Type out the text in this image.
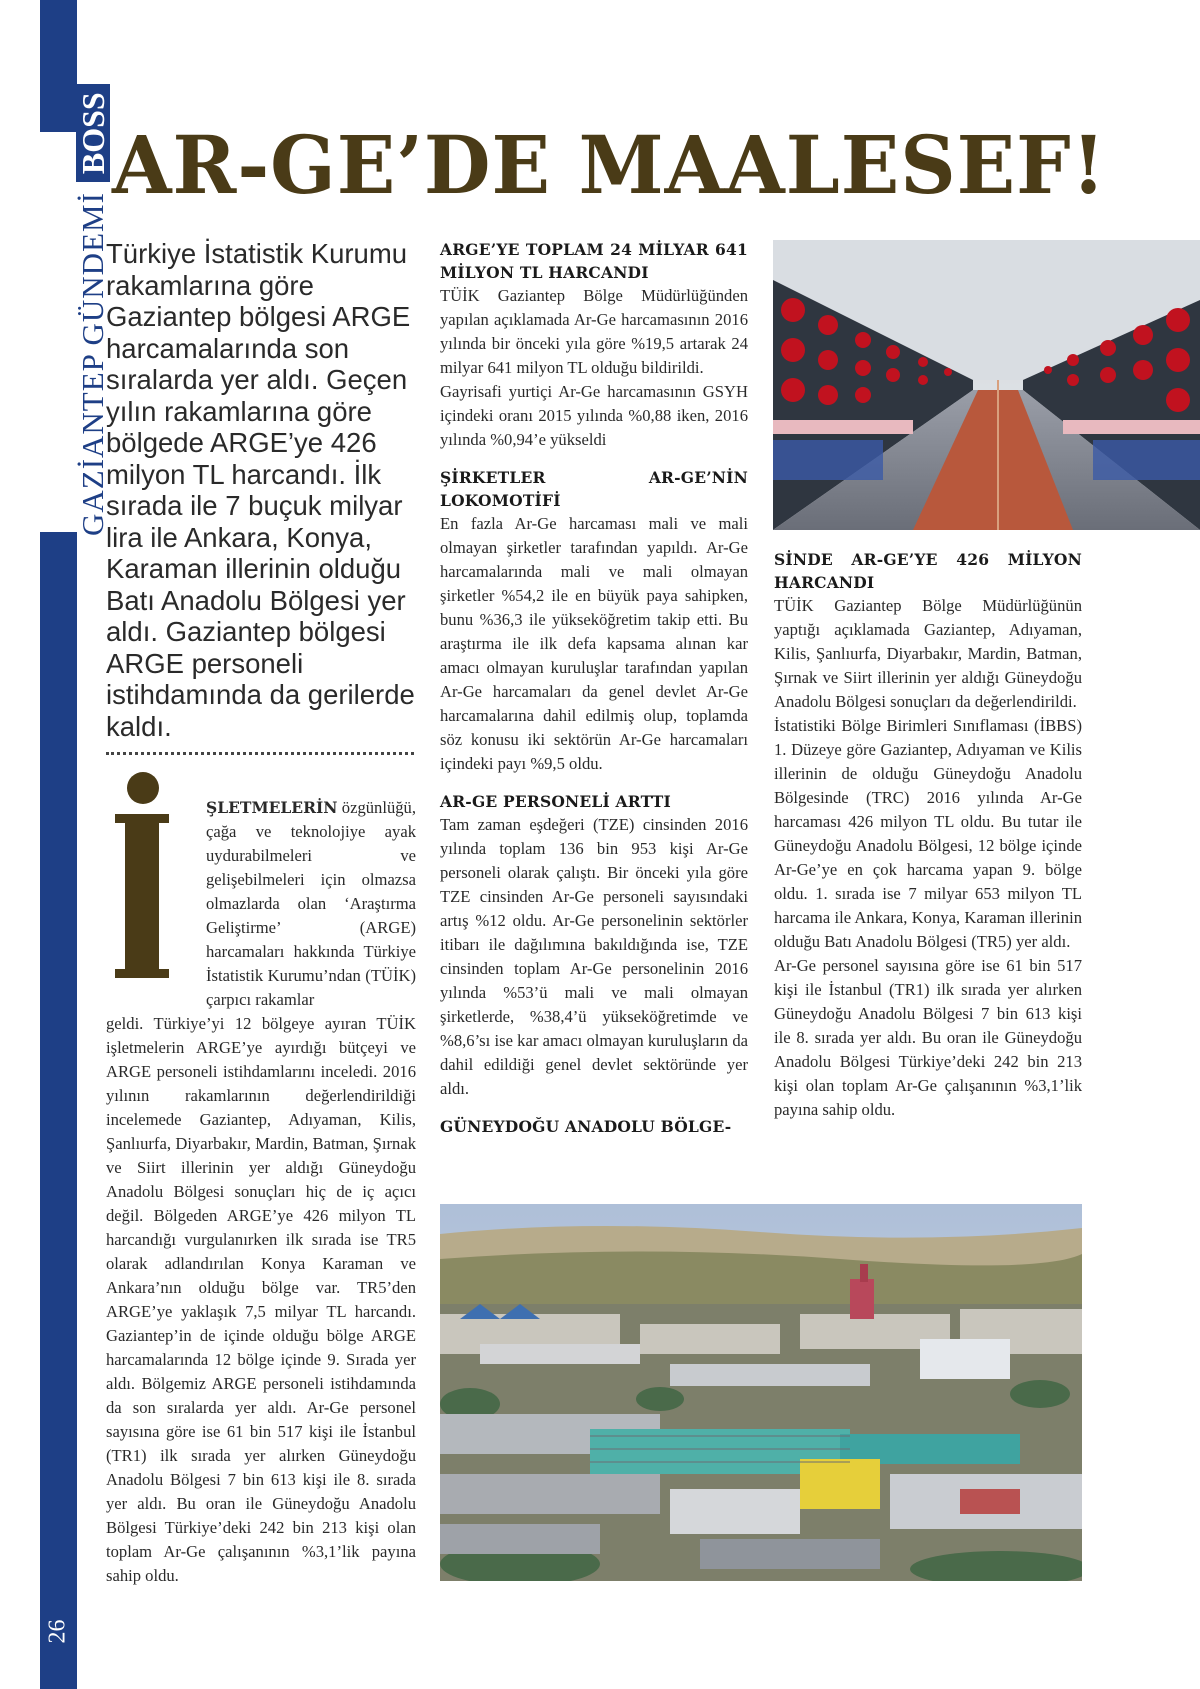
GAZİANTEP GÜNDEMİ
BOSS
26
AR-GE’DE MAALESEF!
Türkiye İstatistik Kurumu rakamlarına göre Gaziantep bölgesi ARGE harcamalarında son sıralarda yer aldı. Geçen yılın rakamlarına göre bölgede ARGE’ye 426 milyon TL harcandı. İlk sırada ile 7 buçuk milyar lira ile Ankara, Konya, Karaman illerinin olduğu Batı Anadolu Bölgesi yer aldı. Gaziantep bölgesi ARGE personeli istihdamında da gerilerde kaldı.

ŞLETMELERİN özgünlüğü, çağa ve teknolojiye ayak uydurabilmeleri ve gelişebilmeleri için olmazsa olmazlarda olan ‘Araştırma Geliştirme’ (ARGE) harcamaları hakkında Türkiye İstatistik Kurumu’ndan (TÜİK) çarpıcı rakamlar

geldi. Türkiye’yi 12 bölgeye ayıran TÜİK işletmelerin ARGE’ye ayırdığı bütçeyi ve ARGE personeli istihdamlarını inceledi. 2016 yılının rakamlarının değerlendirildiği incelemede Gaziantep, Adıyaman, Kilis, Şanlıurfa, Diyarbakır, Mardin, Batman, Şırnak ve Siirt illerinin yer aldığı Güneydoğu Anadolu Bölgesi sonuçları hiç de iç açıcı değil. Bölgeden ARGE’ye 426 milyon TL harcandığı vurgulanırken ilk sırada ise TR5 olarak adlandırılan Konya Karaman ve Ankara’nın olduğu bölge var. TR5’den ARGE’ye yaklaşık 7,5 milyar TL harcandı. Gaziantep’in de içinde olduğu bölge ARGE harcamalarında 12 bölge içinde 9. Sırada yer aldı. Bölgemiz ARGE personeli istihdamında da son sıralarda yer aldı. Ar-Ge personel sayısına göre ise 61 bin 517 kişi ile İstanbul (TR1) ilk sırada yer alırken Güneydoğu Anadolu Bölgesi 7 bin 613 kişi ile 8. sırada yer aldı. Bu oran ile Güneydoğu Anadolu Bölgesi Türkiye’deki 242 bin 213 kişi olan toplam Ar-Ge çalışanının %3,1’lik payına sahip oldu.

ARGE’YE TOPLAM 24 MİLYAR 641 MİLYON TL HARCANDI

TÜİK Gaziantep Bölge Müdürlüğünden yapılan açıklamada Ar-Ge harcamasının 2016 yılında bir önceki yıla göre %19,5 artarak 24 milyar 641 milyon TL olduğu bildirildi.

Gayrisafi yurtiçi Ar-Ge harcamasının GSYH içindeki oranı 2015 yılında %0,88 iken, 2016 yılında %0,94’e yükseldi

ŞİRKETLER AR-GE’NİN LOKOMOTİFİ

En fazla Ar-Ge harcaması mali ve mali olmayan şirketler tarafından yapıldı. Ar-Ge harcamalarında mali ve mali olmayan şirketler %54,2 ile en büyük paya sahipken, bunu %36,3 ile yükseköğretim takip etti. Bu araştırma ile ilk defa kapsama alınan kar amacı olmayan kuruluşlar tarafından yapılan Ar-Ge harcamaları da genel devlet Ar-Ge harcamalarına dahil edilmiş olup, toplamda söz konusu iki sektörün Ar-Ge harcamaları içindeki payı %9,5 oldu.

AR-GE PERSONELİ ARTTI

Tam zaman eşdeğeri (TZE) cinsinden 2016 yılında toplam 136 bin 953 kişi Ar-Ge personeli olarak çalıştı. Bir önceki yıla göre TZE cinsinden Ar-Ge personeli sayısındaki artış %12 oldu. Ar-Ge personelinin sektörler itibarı ile dağılımına bakıldığında ise, TZE cinsinden toplam Ar-Ge personelinin 2016 yılında %53’ü mali ve mali olmayan şirketlerde, %38,4’ü yükseköğretimde ve %8,6’sı ise kar amacı olmayan kuruluşların da dahil edildiği genel devlet sektöründe yer aldı.

GÜNEYDOĞU ANADOLU BÖLGE-

SİNDE AR-GE’YE 426 MİLYON HARCANDI

TÜİK Gaziantep Bölge Müdürlüğünün yaptığı açıklamada Gaziantep, Adıyaman, Kilis, Şanlıurfa, Diyarbakır, Mardin, Batman, Şırnak ve Siirt illerinin yer aldığı Güneydoğu Anadolu Bölgesi sonuçları da değerlendirildi.

İstatistiki Bölge Birimleri Sınıflaması (İBBS) 1. Düzeye göre Gaziantep, Adıyaman ve Kilis illerinin de olduğu Güneydoğu Anadolu Bölgesinde (TRC) 2016 yılında Ar-Ge harcaması 426 milyon TL oldu. Bu tutar ile Güneydoğu Anadolu Bölgesi, 12 bölge içinde Ar-Ge’ye en çok harcama yapan 9. bölge oldu. 1. sırada ise 7 milyar 653 milyon TL harcama ile Ankara, Konya, Karaman illerinin olduğu Batı Anadolu Bölgesi (TR5) yer aldı.

Ar-Ge personel sayısına göre ise 61 bin 517 kişi ile İstanbul (TR1) ilk sırada yer alırken Güneydoğu Anadolu Bölgesi 7 bin 613 kişi ile 8. sırada yer aldı. Bu oran ile Güneydoğu Anadolu Bölgesi Türkiye’deki 242 bin 213 kişi olan toplam Ar-Ge çalışanının %3,1’lik payına sahip oldu.
